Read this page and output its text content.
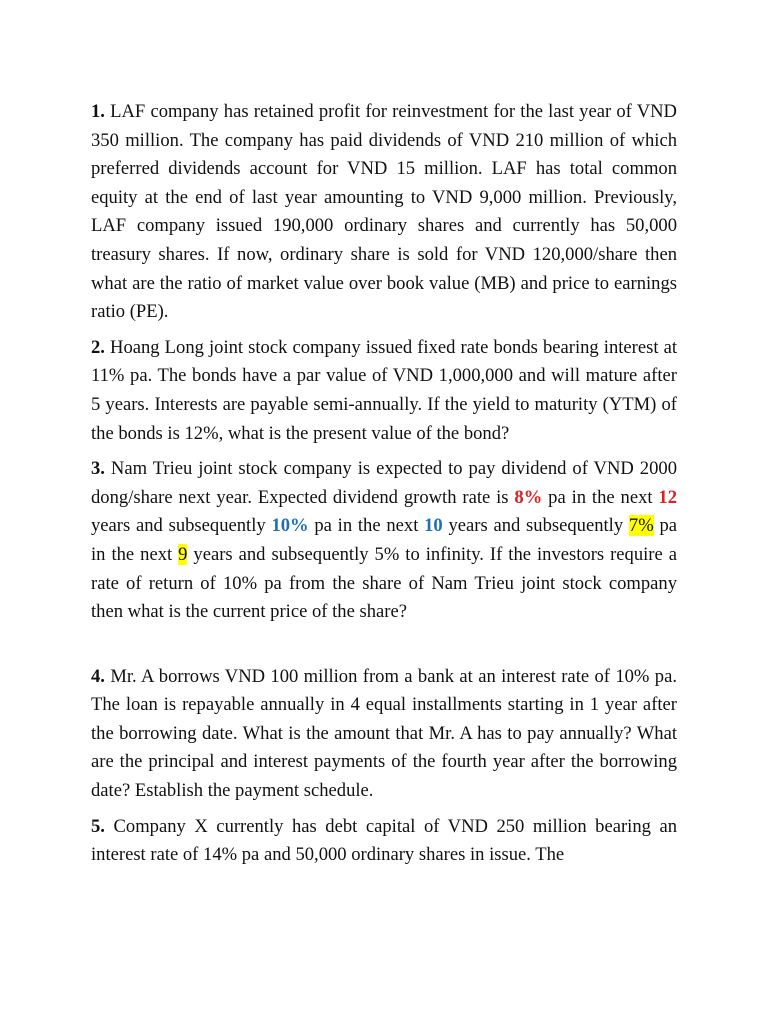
1. LAF company has retained profit for reinvestment for the last year of VND 350 million. The company has paid dividends of VND 210 million of which preferred dividends account for VND 15 million. LAF has total common equity at the end of last year amounting to VND 9,000 million. Previously, LAF company issued 190,000 ordinary shares and currently has 50,000 treasury shares. If now, ordinary share is sold for VND 120,000/share then what are the ratio of market value over book value (MB) and price to earnings ratio (PE).

2. Hoang Long joint stock company issued fixed rate bonds bearing interest at 11% pa. The bonds have a par value of VND 1,000,000 and will mature after 5 years. Interests are payable semi-annually. If the yield to maturity (YTM) of the bonds is 12%, what is the present value of the bond?

3. Nam Trieu joint stock company is expected to pay dividend of VND 2000 dong/share next year. Expected dividend growth rate is 8% pa in the next 12 years and subsequently 10% pa in the next 10 years and subsequently 7% pa in the next 9 years and subsequently 5% to infinity. If the investors require a rate of return of 10% pa from the share of Nam Trieu joint stock company then what is the current price of the share?

4. Mr. A borrows VND 100 million from a bank at an interest rate of 10% pa. The loan is repayable annually in 4 equal installments starting in 1 year after the borrowing date. What is the amount that Mr. A has to pay annually? What are the principal and interest payments of the fourth year after the borrowing date? Establish the payment schedule.

5. Company X currently has debt capital of VND 250 million bearing an interest rate of 14% pa and 50,000 ordinary shares in issue. The
